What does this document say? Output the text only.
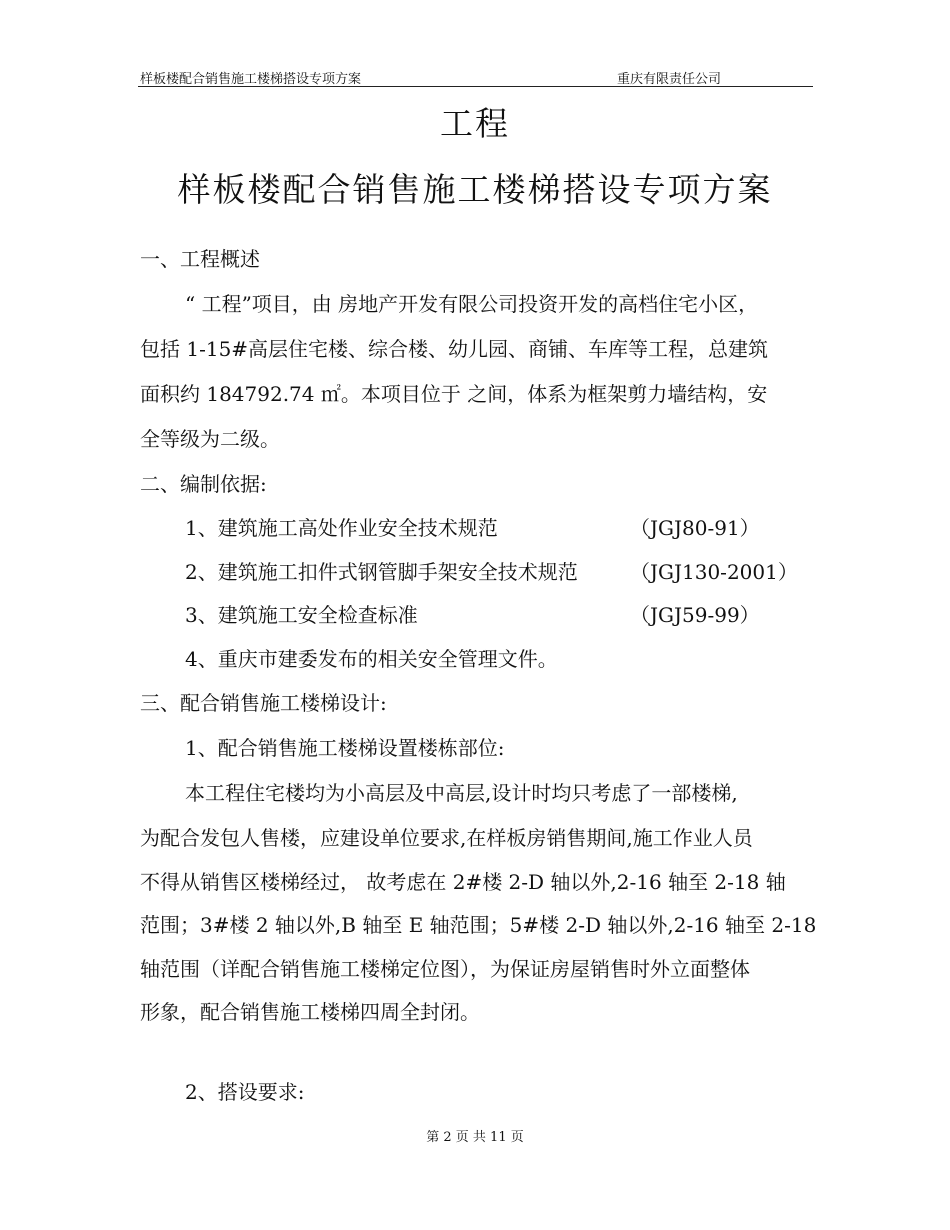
样板楼配合销售施工楼梯搭设专项方案	重庆有限责任公司
工程
样板楼配合销售施工楼梯搭设专项方案
一、工程概述
“ 工程”项目，由 房地产开发有限公司投资开发的高档住宅小区，
包括 1-15#高层住宅楼、综合楼、幼儿园、商铺、车库等工程，总建筑
面积约 184792.74 ㎡。本项目位于 之间，体系为框架剪力墙结构，安
全等级为二级。
二、编制依据:
1、建筑施工高处作业安全技术规范	（JGJ80-91）
2、建筑施工扣件式钢管脚手架安全技术规范	（JGJ130-2001）
3、建筑施工安全检查标准	（JGJ59-99）
4、重庆市建委发布的相关安全管理文件。
三、配合销售施工楼梯设计:
1、配合销售施工楼梯设置楼栋部位:
本工程住宅楼均为小高层及中高层,设计时均只考虑了一部楼梯,
为配合发包人售楼，应建设单位要求,在样板房销售期间,施工作业人员
不得从销售区楼梯经过， 故考虑在 2#楼 2-D 轴以外,2-16 轴至 2-18 轴
范围；3#楼 2 轴以外,B 轴至 E 轴范围；5#楼 2-D 轴以外,2-16 轴至 2-18
轴范围（详配合销售施工楼梯定位图），为保证房屋销售时外立面整体
形象，配合销售施工楼梯四周全封闭。
2、搭设要求:
第 2 页 共 11 页
